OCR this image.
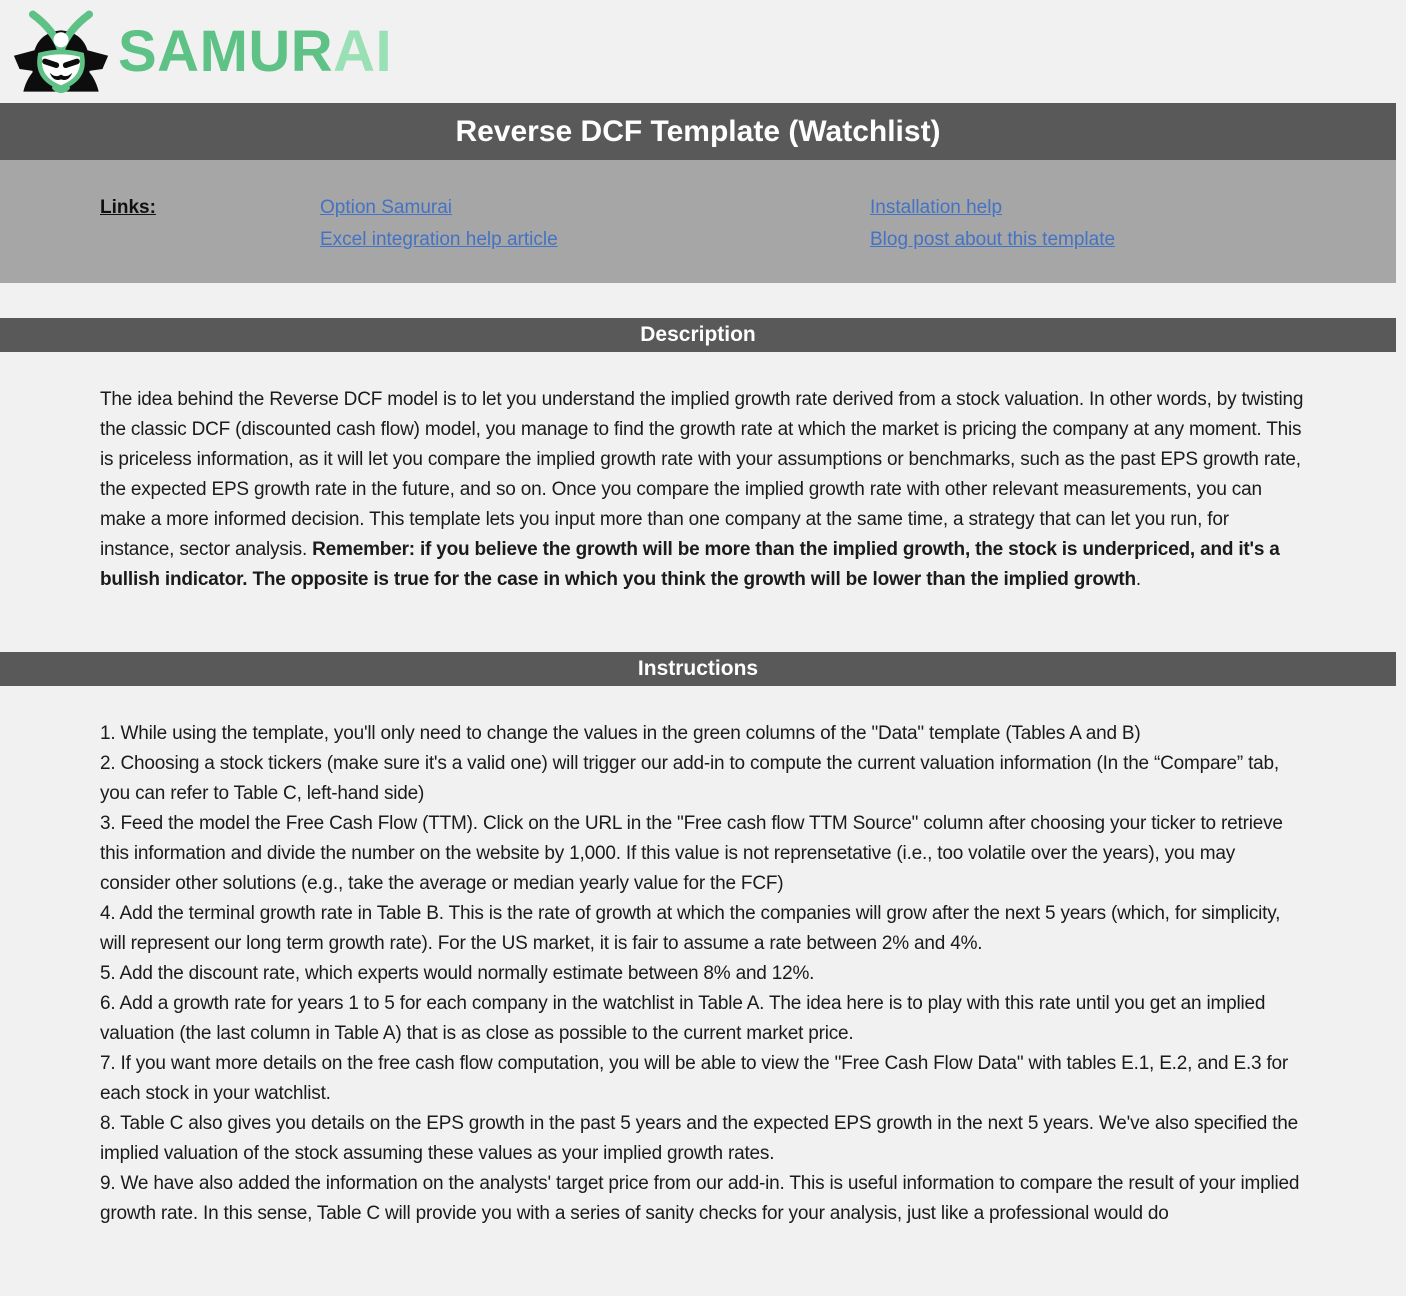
SAMUR AI
Reverse DCF Template (Watchlist)
Links:	Option Samurai
Excel integration help article
Installation help
Blog post about this template
Description
The idea behind the Reverse DCF model is to let you understand the implied growth rate derived from a stock valuation. In other words, by twisting the classic DCF (discounted cash flow) model, you manage to find the growth rate at which the market is pricing the company at any moment. This is priceless information, as it will let you compare the implied growth rate with your assumptions or benchmarks, such as the past EPS growth rate, the expected EPS growth rate in the future, and so on. Once you compare the implied growth rate with other relevant measurements, you can make a more informed decision. This template lets you input more than one company at the same time, a strategy that can let you run, for instance, sector analysis. Remember: if you believe the growth will be more than the implied growth, the stock is underpriced, and it's a bullish indicator. The opposite is true for the case in which you think the growth will be lower than the implied growth.
Instructions
1. While using the template, you'll only need to change the values in the green columns of the "Data" template (Tables A and B)
2. Choosing a stock tickers (make sure it's a valid one) will trigger our add-in to compute the current valuation information (In the “Compare” tab, you can refer to Table C, left-hand side)
3. Feed the model the Free Cash Flow (TTM). Click on the URL in the "Free cash flow TTM Source" column after choosing your ticker to retrieve this information and divide the number on the website by 1,000. If this value is not reprensetative (i.e., too volatile over the years), you may consider other solutions (e.g., take the average or median yearly value for the FCF)
4. Add the terminal growth rate in Table B. This is the rate of growth at which the companies will grow after the next 5 years (which, for simplicity, will represent our long term growth rate). For the US market, it is fair to assume a rate between 2% and 4%.
5. Add the discount rate, which experts would normally estimate between 8% and 12%.
6. Add a growth rate for years 1 to 5 for each company in the watchlist in Table A. The idea here is to play with this rate until you get an implied valuation (the last column in Table A) that is as close as possible to the current market price.
7. If you want more details on the free cash flow computation, you will be able to view the "Free Cash Flow Data" with tables E.1, E.2, and E.3 for each stock in your watchlist.
8. Table C also gives you details on the EPS growth in the past 5 years and the expected EPS growth in the next 5 years. We've also specified the implied valuation of the stock assuming these values as your implied growth rates.
9. We have also added the information on the analysts' target price from our add-in. This is useful information to compare the result of your implied growth rate. In this sense, Table C will provide you with a series of sanity checks for your analysis, just like a professional would do
